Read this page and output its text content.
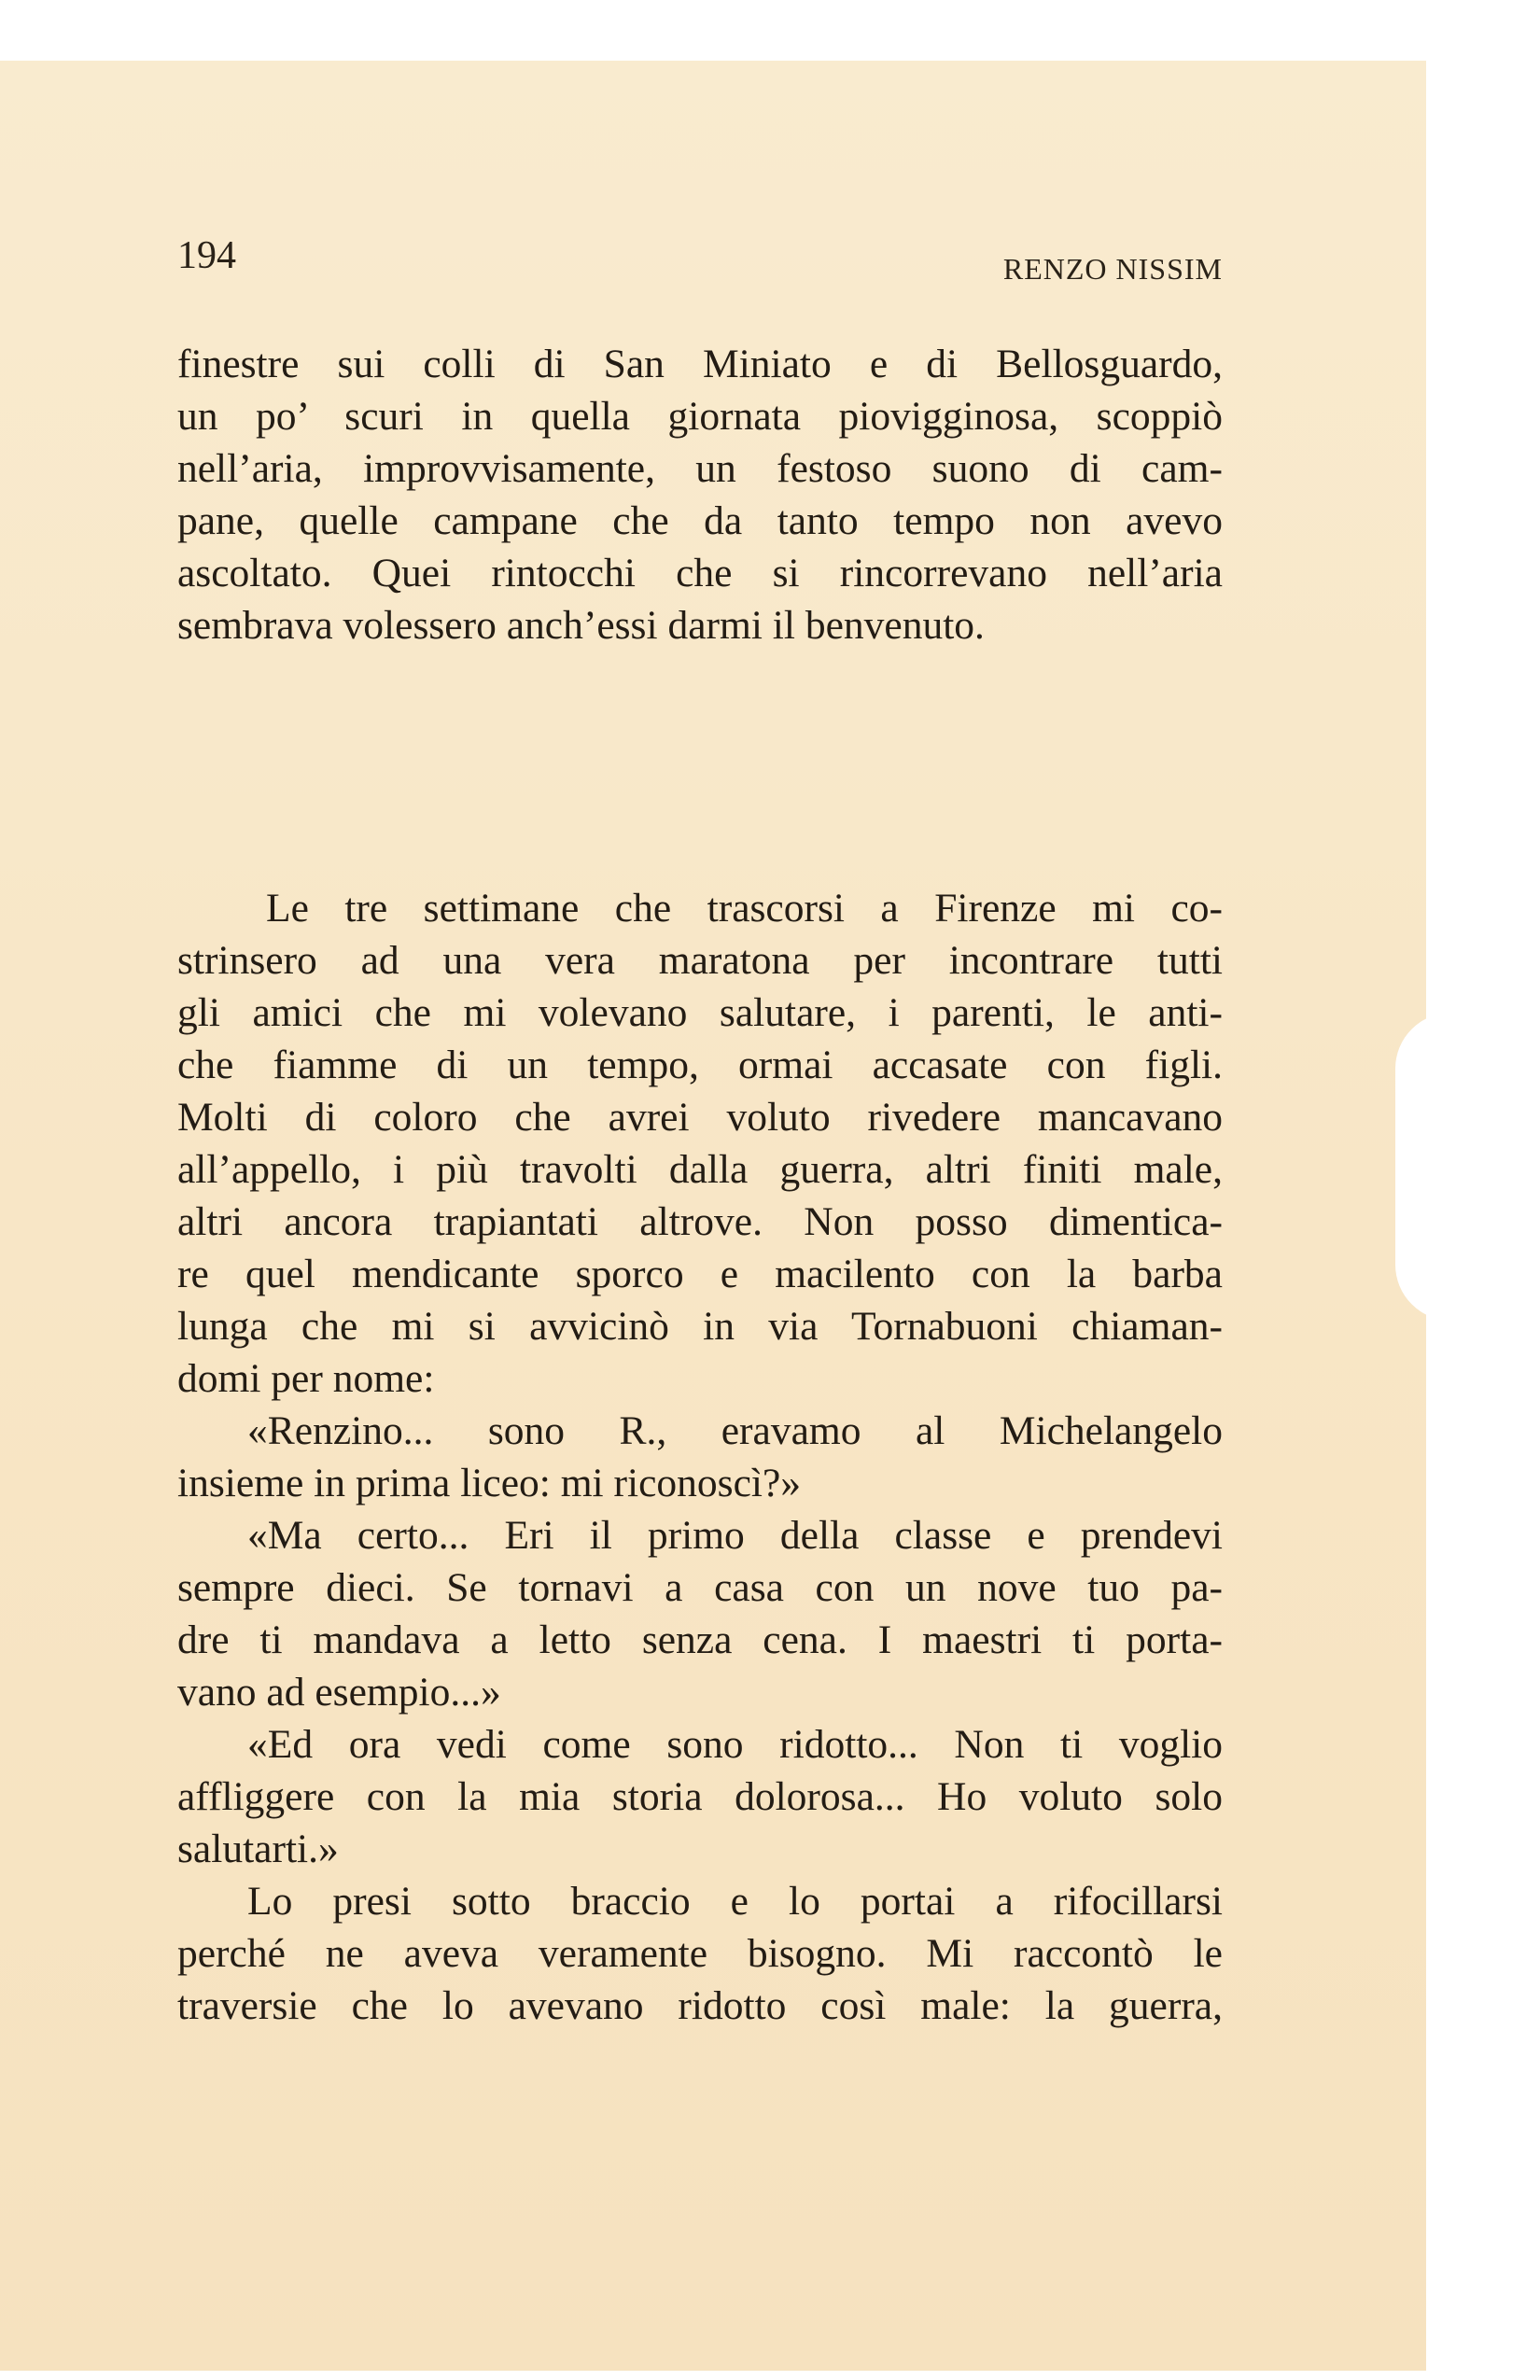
194	RENZO NISSIM
finestre sui colli di San Miniato e di Bellosguardo,
un po’ scuri in quella giornata piovigginosa, scoppiò
nell’aria, improvvisamente, un festoso suono di cam-
pane, quelle campane che da tanto tempo non avevo
ascoltato. Quei rintocchi che si rincorrevano nell’aria
sembrava volessero anch’essi darmi il benvenuto.
Le tre settimane che trascorsi a Firenze mi co-
strinsero ad una vera maratona per incontrare tutti
gli amici che mi volevano salutare, i parenti, le anti-
che fiamme di un tempo, ormai accasate con figli.
Molti di coloro che avrei voluto rivedere mancavano
all’appello, i più travolti dalla guerra, altri finiti male,
altri ancora trapiantati altrove. Non posso dimentica-
re quel mendicante sporco e macilento con la barba
lunga che mi si avvicinò in via Tornabuoni chiaman-
domi per nome:
«Renzino... sono R., eravamo al Michelangelo
insieme in prima liceo: mi riconoscì?»
«Ma certo... Eri il primo della classe e prendevi
sempre dieci. Se tornavi a casa con un nove tuo pa-
dre ti mandava a letto senza cena. I maestri ti porta-
vano ad esempio...»
«Ed ora vedi come sono ridotto... Non ti voglio
affliggere con la mia storia dolorosa... Ho voluto solo
salutarti.»
Lo presi sotto braccio e lo portai a rifocillarsi
perché ne aveva veramente bisogno. Mi raccontò le
traversie che lo avevano ridotto così male: la guerra,
